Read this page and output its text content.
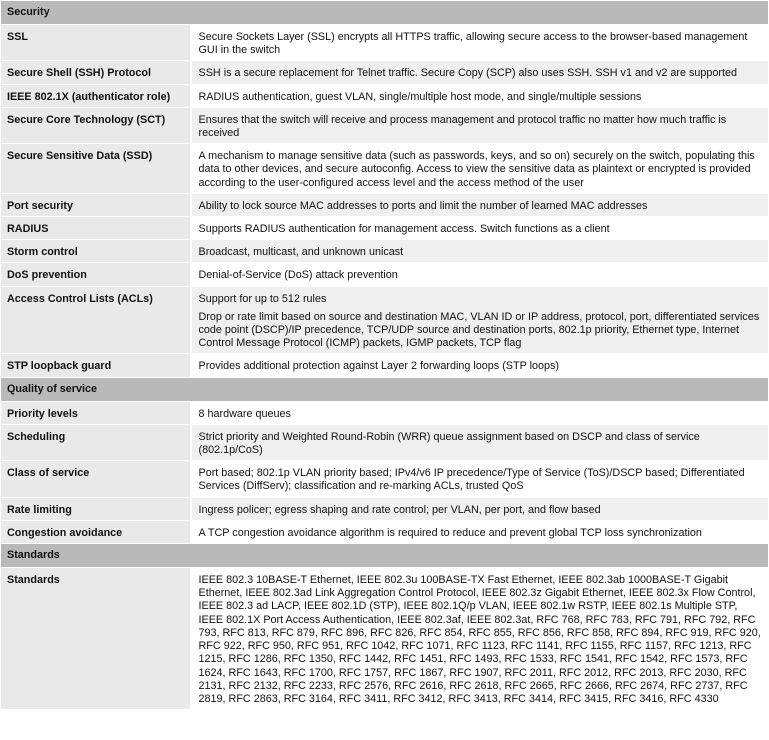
Security	
SSL	Secure Sockets Layer (SSL) encrypts all HTTPS traffic, allowing secure access to the browser-based management GUI in the switch

Secure Shell (SSH) Protocol	SSH is a secure replacement for Telnet traffic. Secure Copy (SCP) also uses SSH. SSH v1 and v2 are supported

IEEE 802.1X (authenticator role)	RADIUS authentication, guest VLAN, single/multiple host mode, and single/multiple sessions

Secure Core Technology (SCT)	Ensures that the switch will receive and process management and protocol traffic no matter how much traffic is received

Secure Sensitive Data (SSD)	A mechanism to manage sensitive data (such as passwords, keys, and so on) securely on the switch, populating this data to other devices, and secure autoconfig. Access to view the sensitive data as plaintext or encrypted is provided according to the user-configured access level and the access method of the user

Port security	Ability to lock source MAC addresses to ports and limit the number of learned MAC addresses

RADIUS	Supports RADIUS authentication for management access. Switch functions as a client

Storm control	Broadcast, multicast, and unknown unicast

DoS prevention	Denial-of-Service (DoS) attack prevention

Access Control Lists (ACLs)	Support for up to 512 rules
Drop or rate limit based on source and destination MAC, VLAN ID or IP address, protocol, port, differentiated services code point (DSCP)/IP precedence, TCP/UDP source and destination ports, 802.1p priority, Ethernet type, Internet Control Message Protocol (ICMP) packets, IGMP packets, TCP flag

STP loopback guard	Provides additional protection against Layer 2 forwarding loops (STP loops)

Quality of service	
Priority levels	8 hardware queues

Scheduling	Strict priority and Weighted Round-Robin (WRR) queue assignment based on DSCP and class of service (802.1p/CoS)

Class of service	Port based; 802.1p VLAN priority based; IPv4/v6 IP precedence/Type of Service (ToS)/DSCP based; Differentiated Services (DiffServ); classification and re-marking ACLs, trusted QoS

Rate limiting	Ingress policer; egress shaping and rate control; per VLAN, per port, and flow based

Congestion avoidance	A TCP congestion avoidance algorithm is required to reduce and prevent global TCP loss synchronization

Standards	
Standards	IEEE 802.3 10BASE-T Ethernet, IEEE 802.3u 100BASE-TX Fast Ethernet, IEEE 802.3ab 1000BASE-T Gigabit Ethernet, IEEE 802.3ad Link Aggregation Control Protocol, IEEE 802.3z Gigabit Ethernet, IEEE 802.3x Flow Control, IEEE 802.3 ad LACP, IEEE 802.1D (STP), IEEE 802.1Q/p VLAN, IEEE 802.1w RSTP, IEEE 802.1s Multiple STP, IEEE 802.1X Port Access Authentication, IEEE 802.3af, IEEE 802.3at, RFC 768, RFC 783, RFC 791, RFC 792, RFC 793, RFC 813, RFC 879, RFC 896, RFC 826, RFC 854, RFC 855, RFC 856, RFC 858, RFC 894, RFC 919, RFC 920, RFC 922, RFC 950, RFC 951, RFC 1042, RFC 1071, RFC 1123, RFC 1141, RFC 1155, RFC 1157, RFC 1213, RFC 1215, RFC 1286, RFC 1350, RFC 1442, RFC 1451, RFC 1493, RFC 1533, RFC 1541, RFC 1542, RFC 1573, RFC 1624, RFC 1643, RFC 1700, RFC 1757, RFC 1867, RFC 1907, RFC 2011, RFC 2012, RFC 2013, RFC 2030, RFC 2131, RFC 2132, RFC 2233, RFC 2576, RFC 2616, RFC 2618, RFC 2665, RFC 2666, RFC 2674, RFC 2737, RFC 2819, RFC 2863, RFC 3164, RFC 3411, RFC 3412, RFC 3413, RFC 3414, RFC 3415, RFC 3416, RFC 4330
